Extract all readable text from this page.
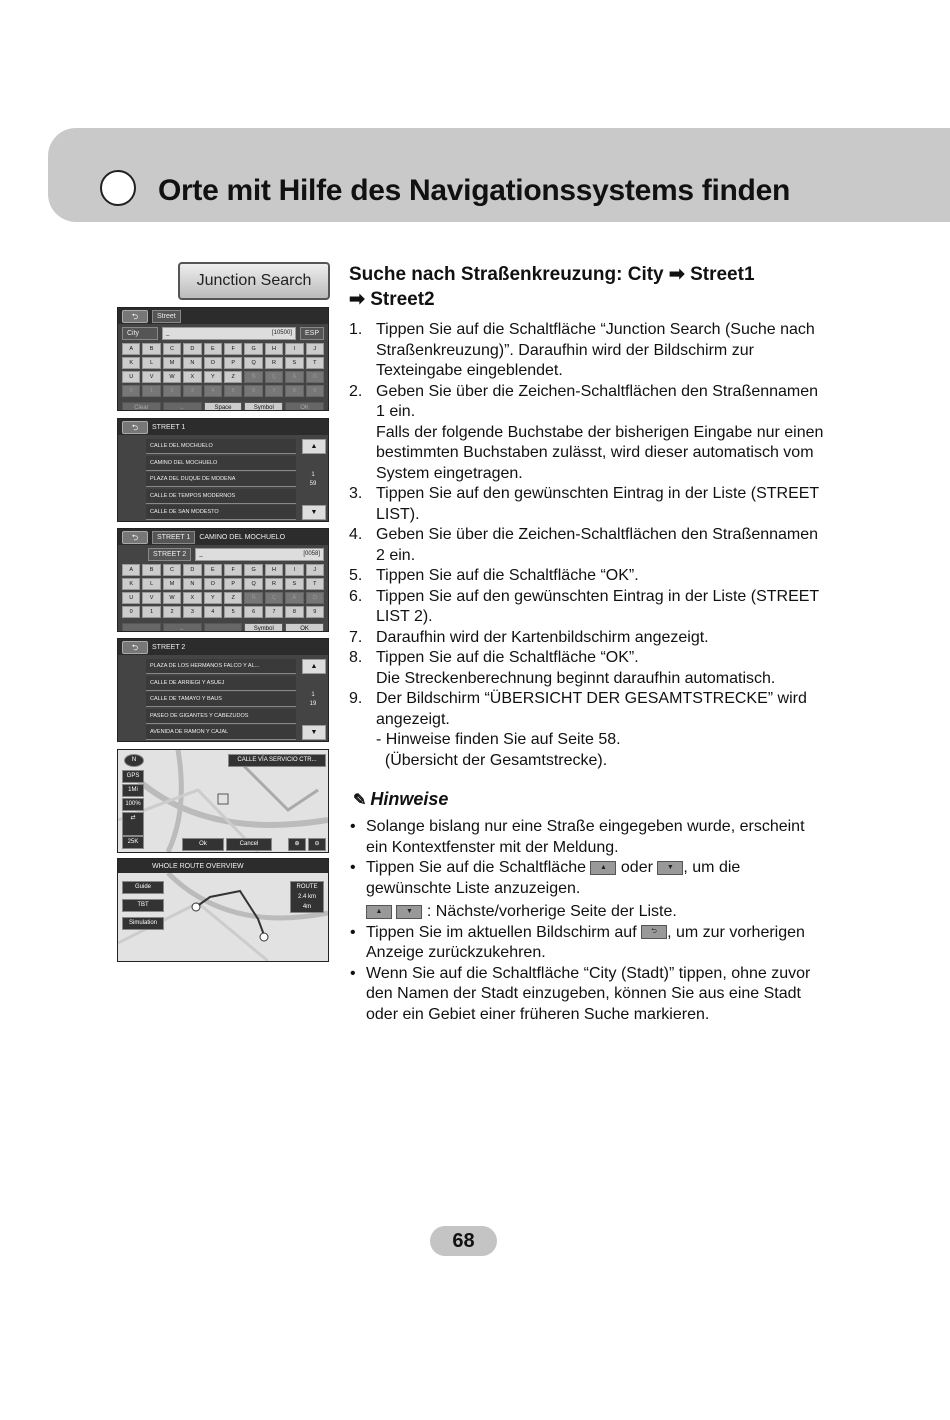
Orte mit Hilfe des Navigationssystems finden
Junction Search
⮌	Street
City	_	[10500]	ESP
A	B	C	D	E	F	G	H	I	J
K	L	M	N	O	P	Q	R	S	T
U	V	W	X	Y	Z	Ñ	Ç	Ä	Ö
0	1	2	3	4	5	6	7	8	9
Clear	←	Space	Symbol	OK
⮌	STREET 1
CALLE DEL MOCHUELO
CAMINO DEL MOCHUELO
PLAZA DEL DUQUE DE MODENA
CALLE DE TEMPOS MODERNOS
CALLE DE SAN MODESTO
▲
1
59
▼
⮌	STREET 1	CAMINO DEL MOCHUELO
STREET 2	_	[0058]
A	B	C	D	E	F	G	H	I	J
K	L	M	N	O	P	Q	R	S	T
U	V	W	X	Y	Z	Ñ	Ç	Ä	Ö
0	1	2	3	4	5	6	7	8	9
←	Symbol	OK
⮌	STREET 2
PLAZA DE LOS HERMANOS FALCO Y AL...
CALLE DE ARRIEGI Y ASUEJ
CALLE DE TAMAYO Y BAUS
PASEO DE GIGANTES Y CABEZUDOS
AVENIDA DE RAMON Y CAJAL
▲
1
19
▼
N	CALLE VÍA SERVICIO CTR...
GPS
1Mi
100%
⇄
25K	Ok	Cancel	⊕	⊖
WHOLE ROUTE OVERVIEW
Guide
TBT
Simulation
ROUTE
2.4 km
4m
Suche nach Straßenkreuzung: City ➡ Street1
➡ Street2
1. Tippen Sie auf die Schaltfläche “Junction Search (Suche nach Straßenkreuzung)”. Daraufhin wird der Bildschirm zur Texteingabe eingeblendet.
2. Geben Sie über die Zeichen-Schaltflächen den Straßennamen 1 ein.
Falls der folgende Buchstabe der bisherigen Eingabe nur einen bestimmten Buchstaben zulässt, wird dieser automatisch vom System eingetragen.
3. Tippen Sie auf den gewünschten Eintrag in der Liste (STREET LIST).
4. Geben Sie über die Zeichen-Schaltflächen den Straßennamen 2 ein.
5. Tippen Sie auf die Schaltfläche “OK”.
6. Tippen Sie auf den gewünschten Eintrag in der Liste (STREET LIST 2).
7. Daraufhin wird der Kartenbildschirm angezeigt.
8. Tippen Sie auf die Schaltfläche “OK”.
Die Streckenberechnung beginnt daraufhin automatisch.
9. Der Bildschirm “ÜBERSICHT DER GESAMTSTRECKE” wird angezeigt.
- Hinweise finden Sie auf Seite 58.
(Übersicht der Gesamtstrecke).
✎ Hinweise
• Solange bislang nur eine Straße eingegeben wurde, erscheint ein Kontextfenster mit der Meldung.
• Tippen Sie auf die Schaltfläche ▲ oder ▼ , um die gewünschte Liste anzuzeigen.
▲	▼ : Nächste/vorherige Seite der Liste.
• Tippen Sie im aktuellen Bildschirm auf ⮌ , um zur vorherigen Anzeige zurückzukehren.
• Wenn Sie auf die Schaltfläche “City (Stadt)” tippen, ohne zuvor den Namen der Stadt einzugeben, können Sie aus eine Stadt oder ein Gebiet einer früheren Suche markieren.
68
